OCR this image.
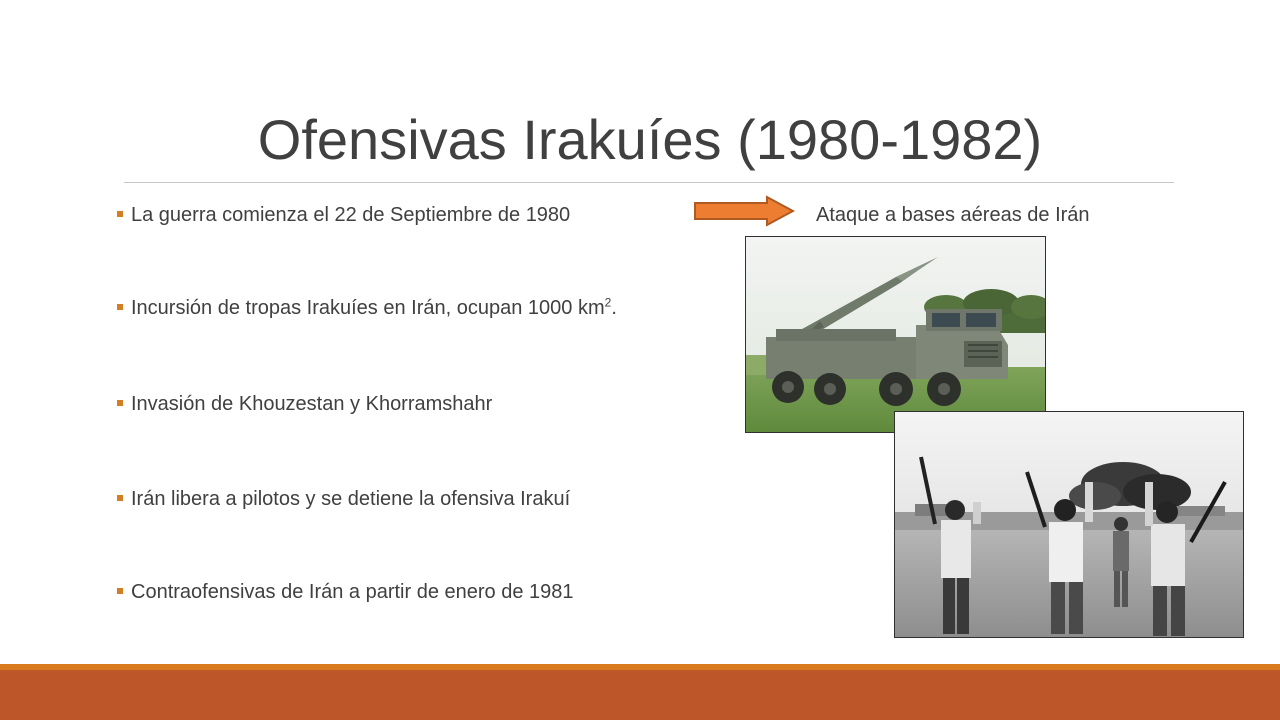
Ofensivas Irakuíes (1980-1982)
La guerra comienza el 22 de Septiembre de 1980	Ataque a bases aéreas de Irán
Incursión de tropas Irakuíes en Irán, ocupan 1000 $km^2$.
Invasión de Khouzestan y Khorramshahr
Irán libera a pilotos y se detiene la ofensiva Irakuí
Contraofensivas de Irán a partir de enero de 1981
